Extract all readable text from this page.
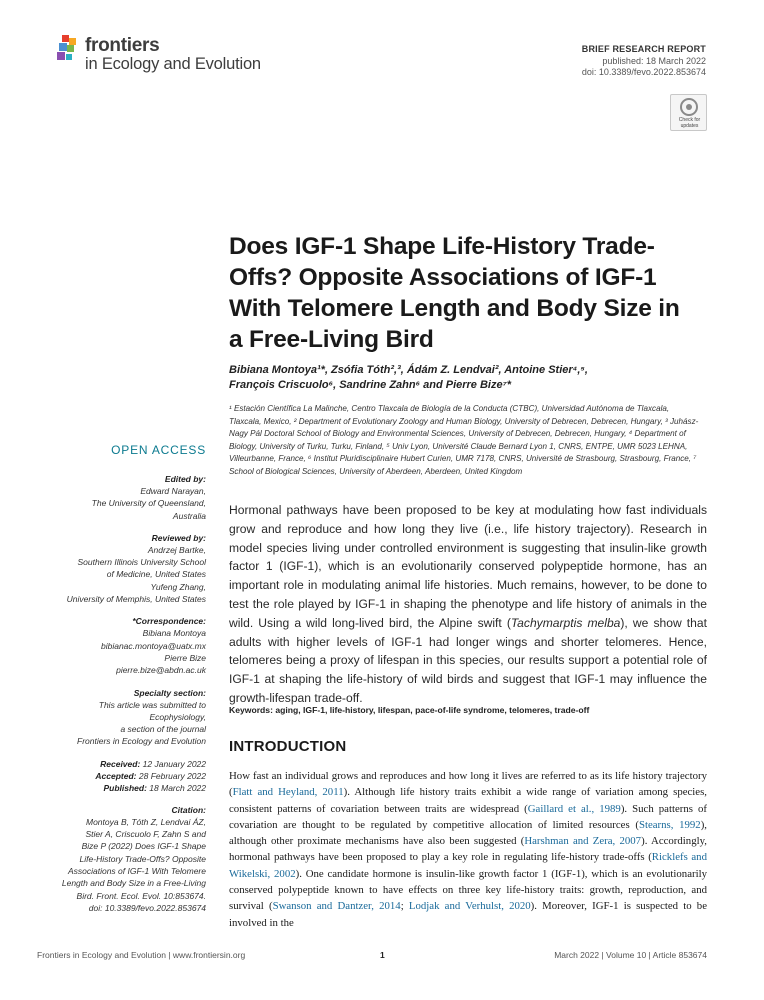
frontiers
in Ecology and Evolution
BRIEF RESEARCH REPORT
published: 18 March 2022
doi: 10.3389/fevo.2022.853674
Check for
updates
Does IGF-1 Shape Life-History Trade-Offs? Opposite Associations of IGF-1 With Telomere Length and Body Size in a Free-Living Bird
Bibiana Montoya¹*, Zsófia Tóth²,³, Ádám Z. Lendvai², Antoine Stier⁴,⁵,
François Criscuolo⁶, Sandrine Zahn⁶ and Pierre Bize⁷*
¹ Estación Científica La Malinche, Centro Tlaxcala de Biología de la Conducta (CTBC), Universidad Autónoma de Tlaxcala, Tlaxcala, Mexico, ² Department of Evolutionary Zoology and Human Biology, University of Debrecen, Debrecen, Hungary, ³ Juhász-Nagy Pál Doctoral School of Biology and Environmental Sciences, University of Debrecen, Debrecen, Hungary, ⁴ Department of Biology, University of Turku, Turku, Finland, ⁵ Univ Lyon, Université Claude Bernard Lyon 1, CNRS, ENTPE, UMR 5023 LEHNA, Villeurbanne, France, ⁶ Institut Pluridisciplinaire Hubert Curien, UMR 7178, CNRS, Université de Strasbourg, Strasbourg, France, ⁷ School of Biological Sciences, University of Aberdeen, Aberdeen, United Kingdom
OPEN ACCESS
Edited by:
Edward Narayan,
The University of Queensland,
Australia
Reviewed by:
Andrzej Bartke,
Southern Illinois University School
of Medicine, United States
Yufeng Zhang,
University of Memphis, United States
*Correspondence:
Bibiana Montoya
bibianac.montoya@uatx.mx
Pierre Bize
pierre.bize@abdn.ac.uk
Specialty section:
This article was submitted to
Ecophysiology,
a section of the journal
Frontiers in Ecology and Evolution
Received: 12 January 2022
Accepted: 28 February 2022
Published: 18 March 2022
Citation:
Montoya B, Tóth Z, Lendvai ÁZ,
Stier A, Criscuolo F, Zahn S and
Bize P (2022) Does IGF-1 Shape
Life-History Trade-Offs? Opposite
Associations of IGF-1 With Telomere
Length and Body Size in a Free-Living
Bird. Front. Ecol. Evol. 10:853674.
doi: 10.3389/fevo.2022.853674

Hormonal pathways have been proposed to be key at modulating how fast individuals grow and reproduce and how long they live (i.e., life history trajectory). Research in model species living under controlled environment is suggesting that insulin-like growth factor 1 (IGF-1), which is an evolutionarily conserved polypeptide hormone, has an important role in modulating animal life histories. Much remains, however, to be done to test the role played by IGF-1 in shaping the phenotype and life history of animals in the wild. Using a wild long-lived bird, the Alpine swift (Tachymarptis melba), we show that adults with higher levels of IGF-1 had longer wings and shorter telomeres. Hence, telomeres being a proxy of lifespan in this species, our results support a potential role of IGF-1 at shaping the life-history of wild birds and suggest that IGF-1 may influence the growth-lifespan trade-off.

Keywords: aging, IGF-1, life-history, lifespan, pace-of-life syndrome, telomeres, trade-off
INTRODUCTION

How fast an individual grows and reproduces and how long it lives are referred to as its life history trajectory (Flatt and Heyland, 2011). Although life history traits exhibit a wide range of variation among species, consistent patterns of covariation between traits are widespread (Gaillard et al., 1989). Such patterns of covariation are thought to be regulated by competitive allocation of limited resources (Stearns, 1992), although other proximate mechanisms have also been suggested (Harshman and Zera, 2007). Accordingly, hormonal pathways have been proposed to play a key role in regulating life-history trade-offs (Ricklefs and Wikelski, 2002). One candidate hormone is insulin-like growth factor 1 (IGF-1), which is an evolutionarily conserved polypeptide known to have effects on three key life-history traits: growth, reproduction, and survival (Swanson and Dantzer, 2014; Lodjak and Verhulst, 2020). Moreover, IGF-1 is suspected to be involved in the

Frontiers in Ecology and Evolution | www.frontiersin.org	1	March 2022 | Volume 10 | Article 853674
